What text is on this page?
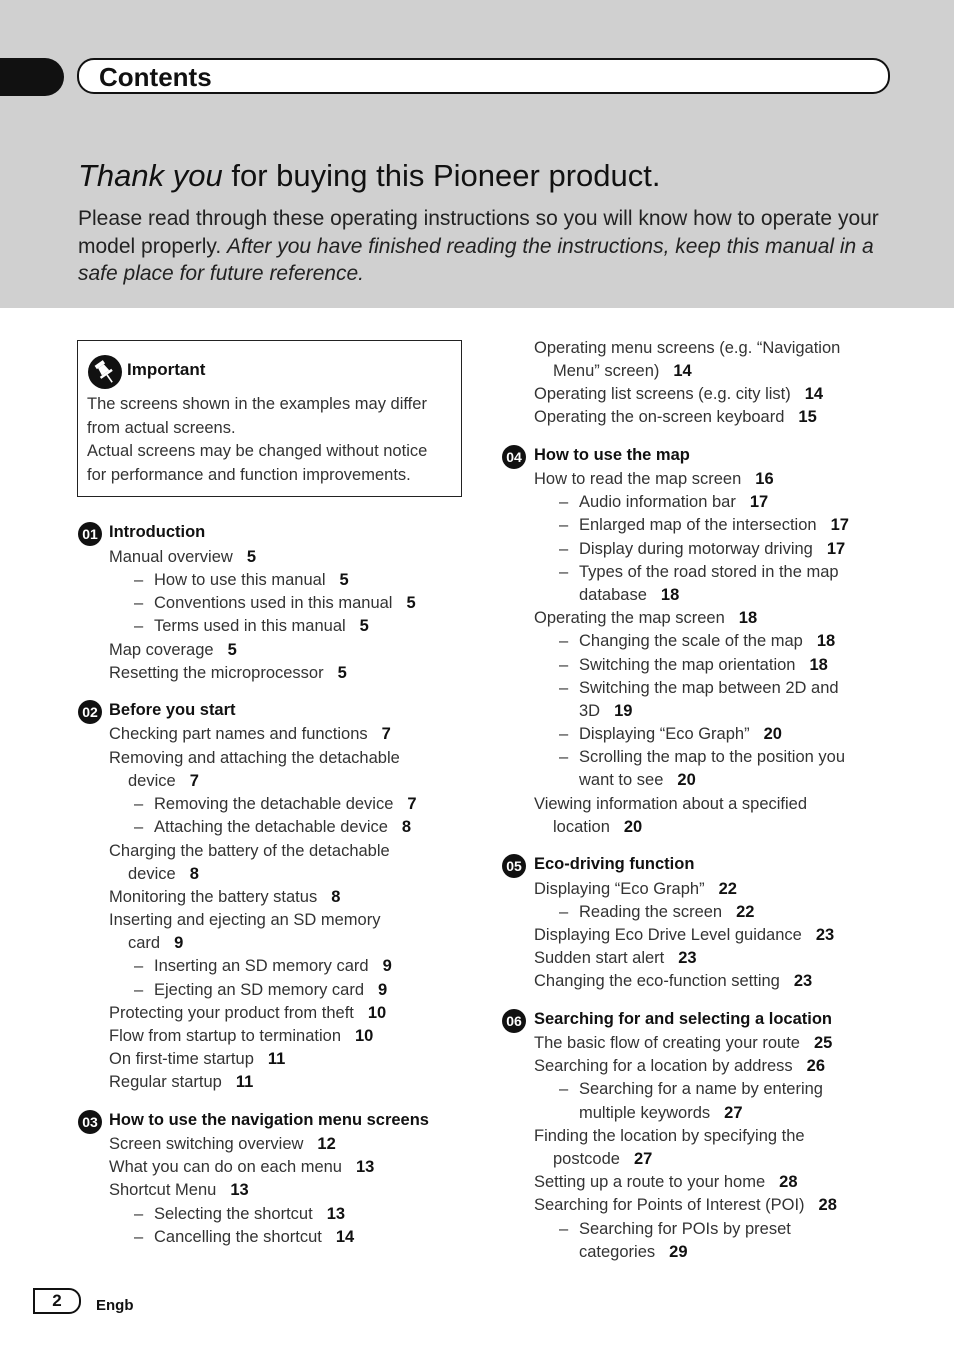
Contents
Thank you for buying this Pioneer product.
Please read through these operating instructions so you will know how to operate your model properly. After you have finished reading the instructions, keep this manual in a safe place for future reference.
Important
The screens shown in the examples may differ
from actual screens.
Actual screens may be changed without notice
for performance and function improvements.
01 Introduction
Manual overview 5
– How to use this manual 5
– Conventions used in this manual 5
– Terms used in this manual 5
Map coverage 5
Resetting the microprocessor 5
02 Before you start
Checking part names and functions 7
Removing and attaching the detachable
device 7
– Removing the detachable device 7
– Attaching the detachable device 8
Charging the battery of the detachable
device 8
Monitoring the battery status 8
Inserting and ejecting an SD memory
card 9
– Inserting an SD memory card 9
– Ejecting an SD memory card 9
Protecting your product from theft 10
Flow from startup to termination 10
On first-time startup 11
Regular startup 11
03 How to use the navigation menu screens
Screen switching overview 12
What you can do on each menu 13
Shortcut Menu 13
– Selecting the shortcut 13
– Cancelling the shortcut 14
Operating menu screens (e.g. “Navigation
Menu” screen) 14
Operating list screens (e.g. city list) 14
Operating the on-screen keyboard 15
04 How to use the map
How to read the map screen 16
– Audio information bar 17
– Enlarged map of the intersection 17
– Display during motorway driving 17
– Types of the road stored in the map
database 18
Operating the map screen 18
– Changing the scale of the map 18
– Switching the map orientation 18
– Switching the map between 2D and
3D 19
– Displaying “Eco Graph” 20
– Scrolling the map to the position you
want to see 20
Viewing information about a specified
location 20
05 Eco-driving function
Displaying “Eco Graph” 22
– Reading the screen 22
Displaying Eco Drive Level guidance 23
Sudden start alert 23
Changing the eco-function setting 23
06 Searching for and selecting a location
The basic flow of creating your route 25
Searching for a location by address 26
– Searching for a name by entering
multiple keywords 27
Finding the location by specifying the
postcode 27
Setting up a route to your home 28
Searching for Points of Interest (POI) 28
– Searching for POIs by preset
categories 29
2	Engb
